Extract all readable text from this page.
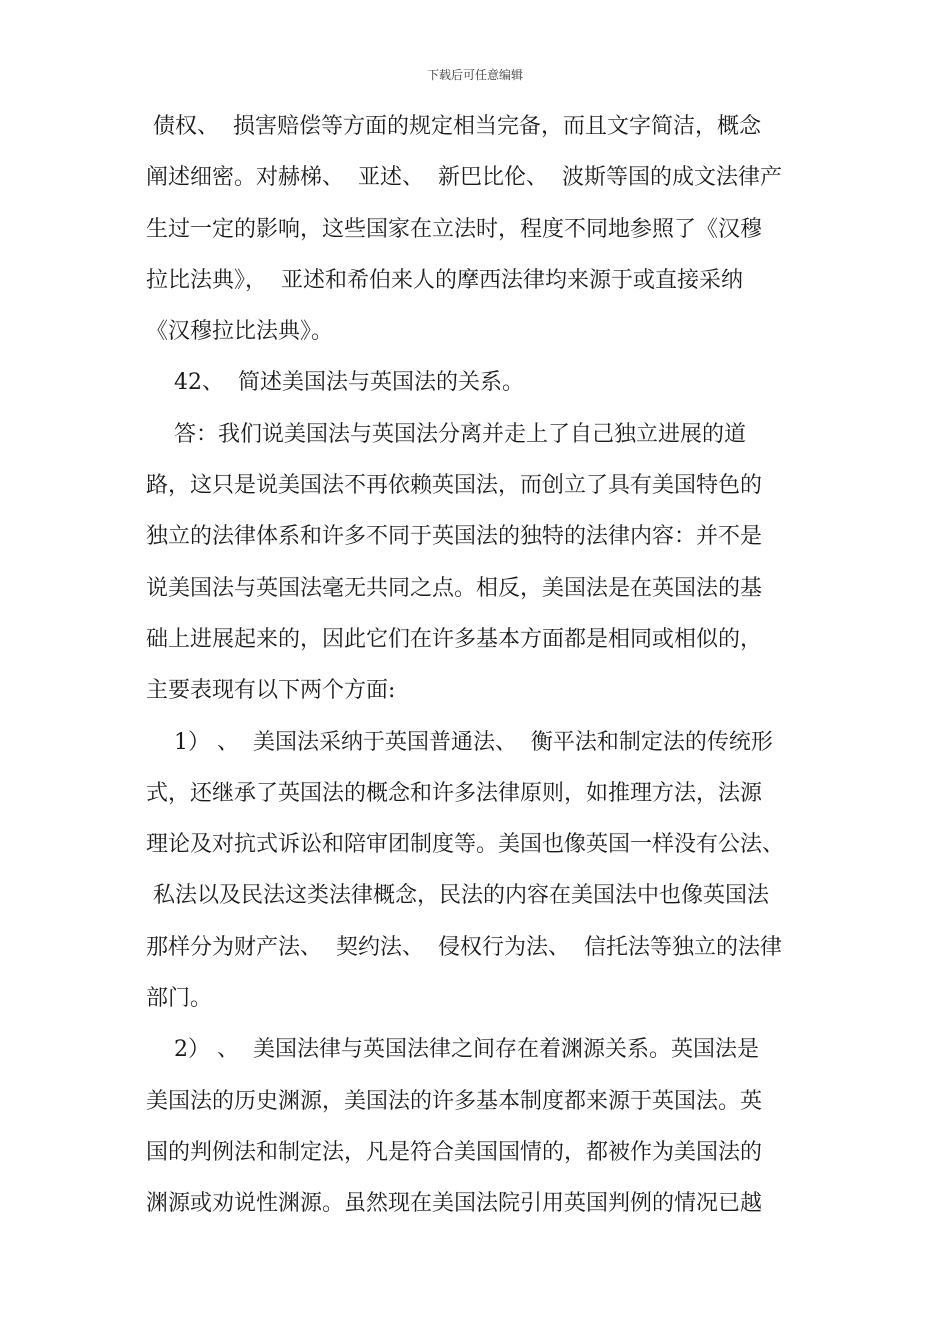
下载后可任意编辑
债权、  损害赔偿等方面的规定相当完备，而且文字简洁，概念
阐述细密。对赫梯、  亚述、  新巴比伦、  波斯等国的成文法律产
生过一定的影响，这些国家在立法时，程度不同地参照了《汉穆
拉比法典》，  亚述和希伯来人的摩西法律均来源于或直接采纳
《汉穆拉比法典》。
42、  简述美国法与英国法的关系。
答：我们说美国法与英国法分离并走上了自己独立进展的道
路，这只是说美国法不再依赖英国法，而创立了具有美国特色的
独立的法律体系和许多不同于英国法的独特的法律内容：并不是
说美国法与英国法毫无共同之点。相反，美国法是在英国法的基
础上进展起来的，因此它们在许多基本方面都是相同或相似的，
主要表现有以下两个方面:
1） 、  美国法采纳于英国普通法、  衡平法和制定法的传统形
式，还继承了英国法的概念和许多法律原则，如推理方法，法源
理论及对抗式诉讼和陪审团制度等。美国也像英国一样没有公法、
私法以及民法这类法律概念，民法的内容在美国法中也像英国法
那样分为财产法、  契约法、  侵权行为法、  信托法等独立的法律
部门。
2） 、  美国法律与英国法律之间存在着渊源关系。英国法是
美国法的历史渊源，美国法的许多基本制度都来源于英国法。英
国的判例法和制定法，凡是符合美国国情的，都被作为美国法的
渊源或劝说性渊源。虽然现在美国法院引用英国判例的情况已越
